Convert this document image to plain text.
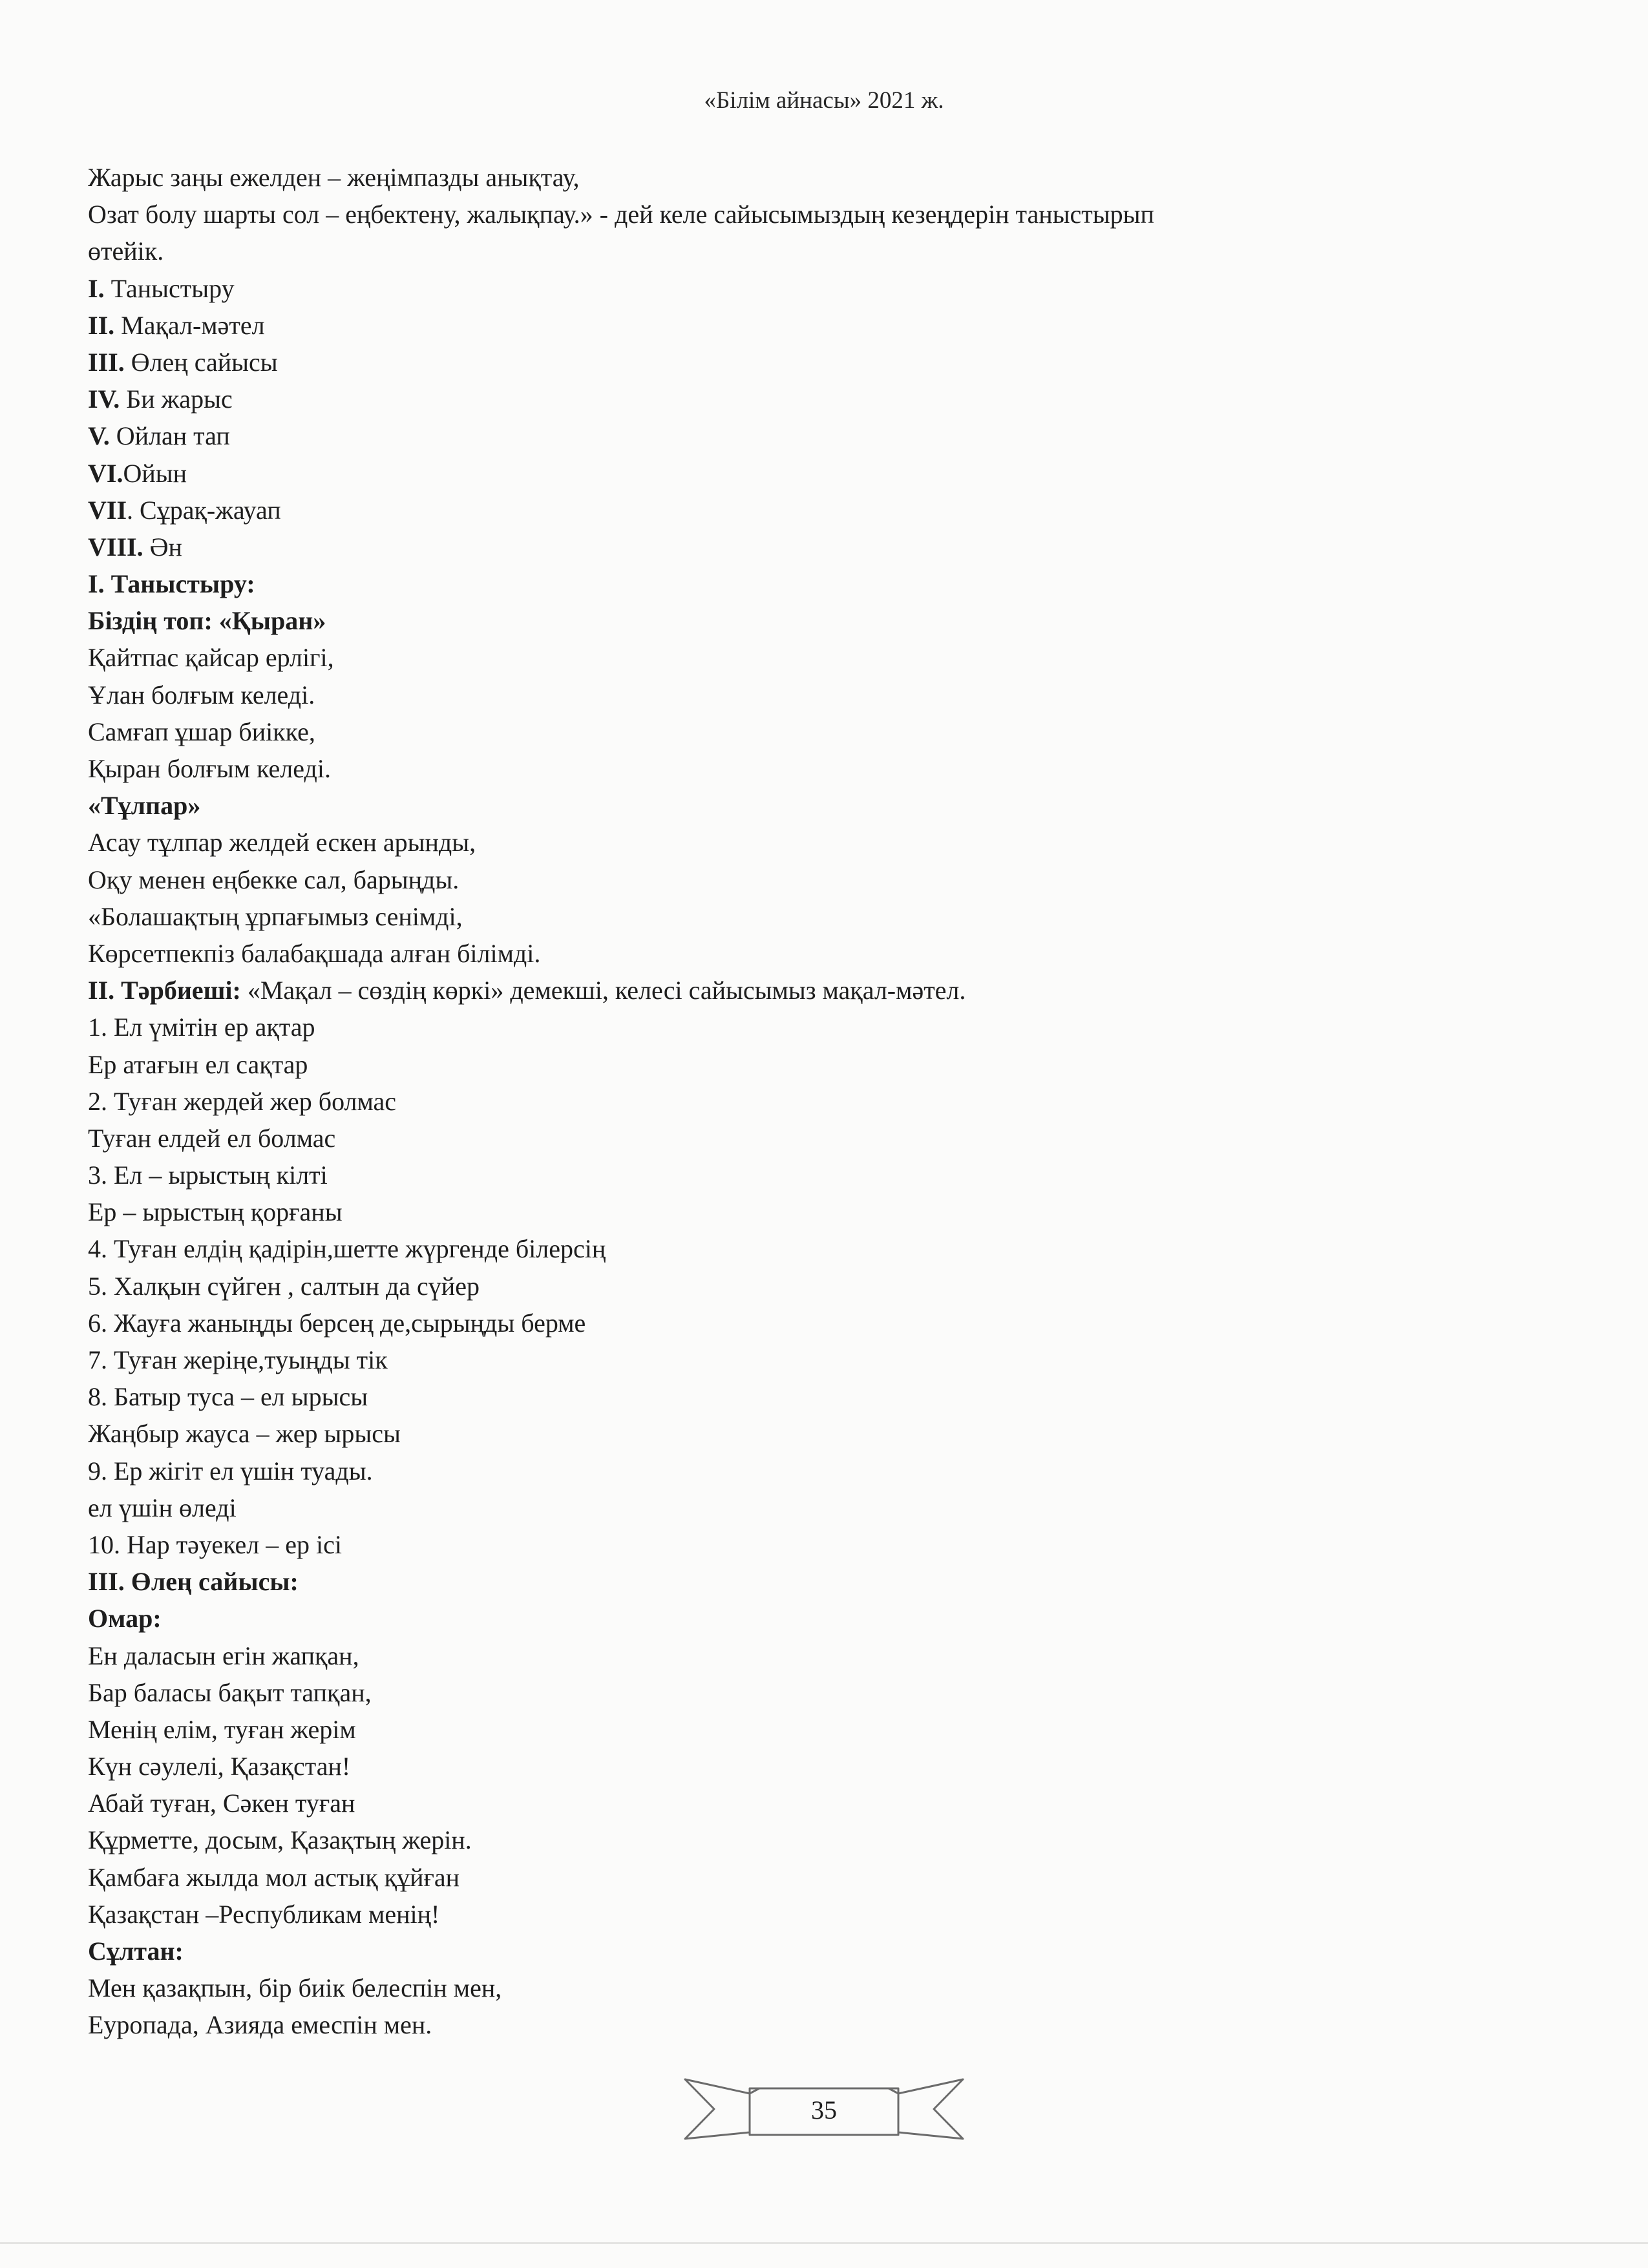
«Білім айнасы» 2021 ж.
Жарыс заңы ежелден – жеңімпазды анықтау,
Озат болу шарты сол – еңбектену, жалықпау.» - дей келе сайысымыздың кезеңдерін таныстырып
өтейік.
I. Таныстыру
II. Мақал-мәтел
III. Өлең сайысы
IV. Би жарыс
V. Ойлан тап
VI.Ойын
VII. Сұрақ-жауап
VIII. Ән
І. Таныстыру:
Біздің топ: «Қыран»
Қайтпас қайсар ерлігі,
Ұлан болғым келеді.
Самғап ұшар биікке,
Қыран болғым келеді.
«Тұлпар»
Асау тұлпар желдей ескен арынды,
Оқу менен еңбекке сал, барыңды.
«Болашақтың ұрпағымыз сенімді,
Көрсетпекпіз балабақшада алған білімді.
ІІ. Тәрбиеші: «Мақал – сөздің көркі» демекші, келесі сайысымыз мақал-мәтел.
1. Ел үмітін ер ақтар
Ер атағын ел сақтар
2. Туған жердей жер болмас
Туған елдей ел болмас
3. Ел – ырыстың кілті
Ер – ырыстың қорғаны
4. Туған елдің қадірін,шетте жүргенде білерсің
5. Халқын сүйген , салтын да сүйер
6. Жауға жаныңды берсең де,сырыңды берме
7. Туған жеріңе,туыңды тік
8. Батыр туса – ел ырысы
Жаңбыр жауса – жер ырысы
9. Ер жігіт ел үшін туады.
ел үшін өледі
10. Нар тәуекел – ер ісі
ІІІ. Өлең сайысы:
Омар:
Ен даласын егін жапқан,
Бар баласы бақыт тапқан,
Менің елім, туған жерім
Күн сәулелі, Қазақстан!
Абай туған, Сәкен туған
Құрметте, досым, Қазақтың жерін.
Қамбаға жылда мол астық құйған
Қазақстан –Республикам менің!
Сұлтан:
Мен қазақпын, бір биік белеспін мен,
Еуропада, Азияда емеспін мен.
35
